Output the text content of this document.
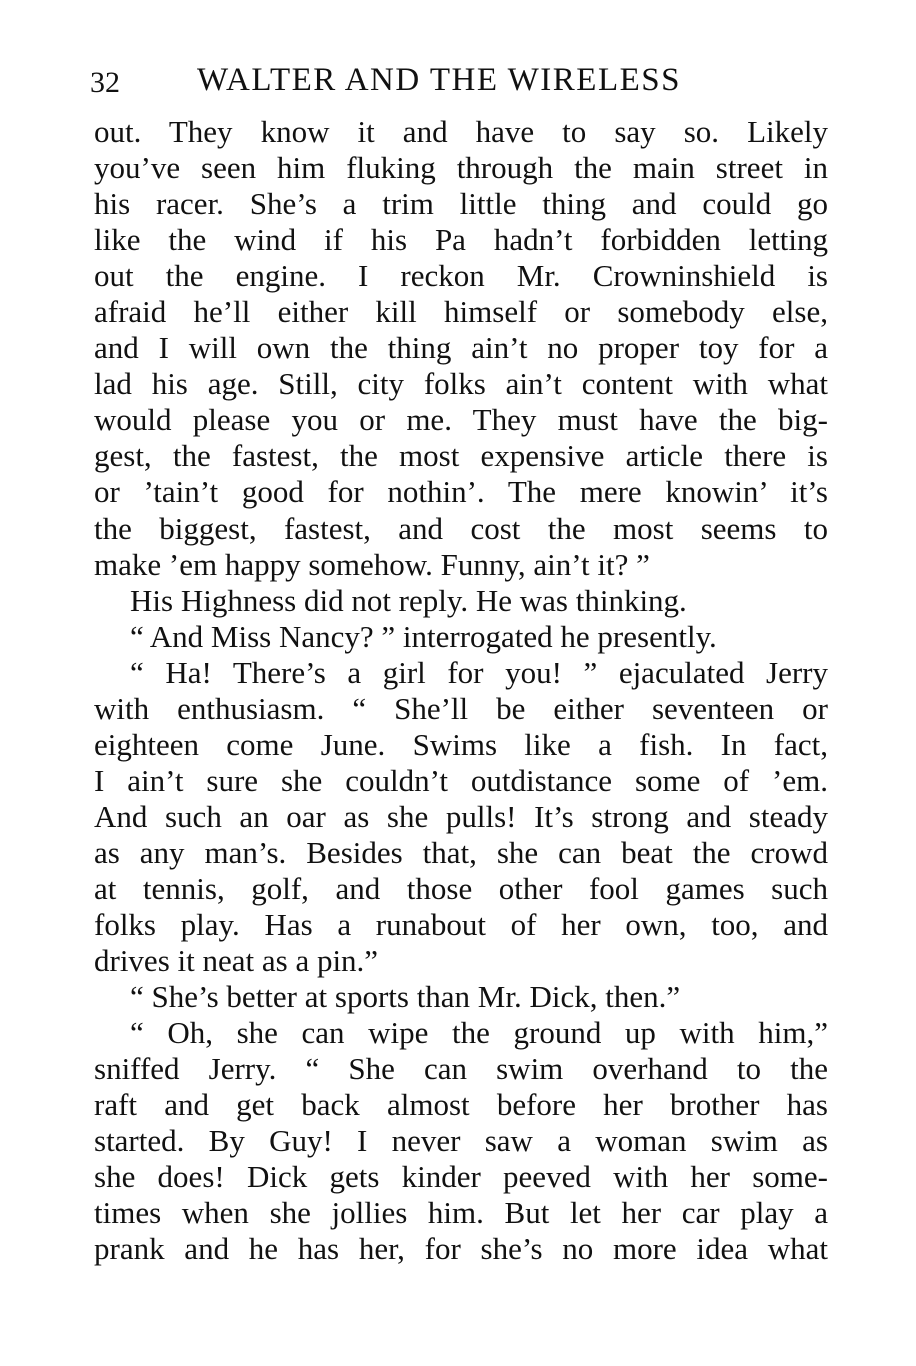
32 WALTER AND THE WIRELESS
out. They know it and have to say so. Likely
you’ve seen him fluking through the main street in
his racer. She’s a trim little thing and could go
like the wind if his Pa hadn’t forbidden letting
out the engine. I reckon Mr. Crowninshield is
afraid he’ll either kill himself or somebody else,
and I will own the thing ain’t no proper toy for a
lad his age. Still, city folks ain’t content with what
would please you or me. They must have the big-
gest, the fastest, the most expensive article there is
or ’tain’t good for nothin’. The mere knowin’ it’s
the biggest, fastest, and cost the most seems to
make ’em happy somehow. Funny, ain’t it? ”
His Highness did not reply. He was thinking.
“ And Miss Nancy? ” interrogated he presently.
“ Ha! There’s a girl for you! ” ejaculated Jerry
with enthusiasm. “ She’ll be either seventeen or
eighteen come June. Swims like a fish. In fact,
I ain’t sure she couldn’t outdistance some of ’em.
And such an oar as she pulls! It’s strong and steady
as any man’s. Besides that, she can beat the crowd
at tennis, golf, and those other fool games such
folks play. Has a runabout of her own, too, and
drives it neat as a pin.”
“ She’s better at sports than Mr. Dick, then.”
“ Oh, she can wipe the ground up with him,”
sniffed Jerry. “ She can swim overhand to the
raft and get back almost before her brother has
started. By Guy! I never saw a woman swim as
she does! Dick gets kinder peeved with her some-
times when she jollies him. But let her car play a
prank and he has her, for she’s no more idea what
